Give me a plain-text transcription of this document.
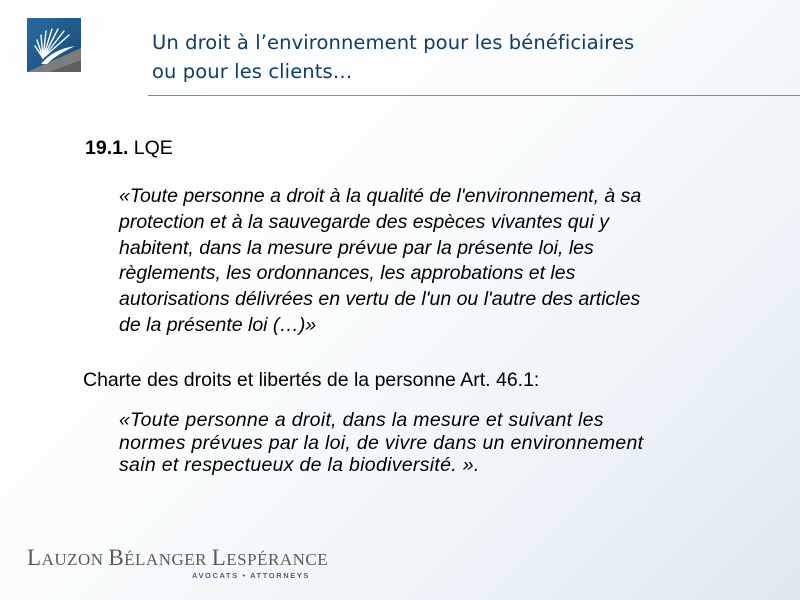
Un droit à l’environnement pour les bénéficiaires
ou pour les clients…
19.1. LQE
«Toute personne a droit à la qualité de l'environnement, à sa
protection et à la sauvegarde des espèces vivantes qui y
habitent, dans la mesure prévue par la présente loi, les
règlements, les ordonnances, les approbations et les
autorisations délivrées en vertu de l'un ou l'autre des articles
de la présente loi (…)»
Charte des droits et libertés de la personne Art. 46.1:
«Toute personne a droit, dans la mesure et suivant les
normes prévues par la loi, de vivre dans un environnement
sain et respectueux de la biodiversité. ».
LAUZON BÉLANGER LESPÉRANCE
AVOCATS • ATTORNEYS
